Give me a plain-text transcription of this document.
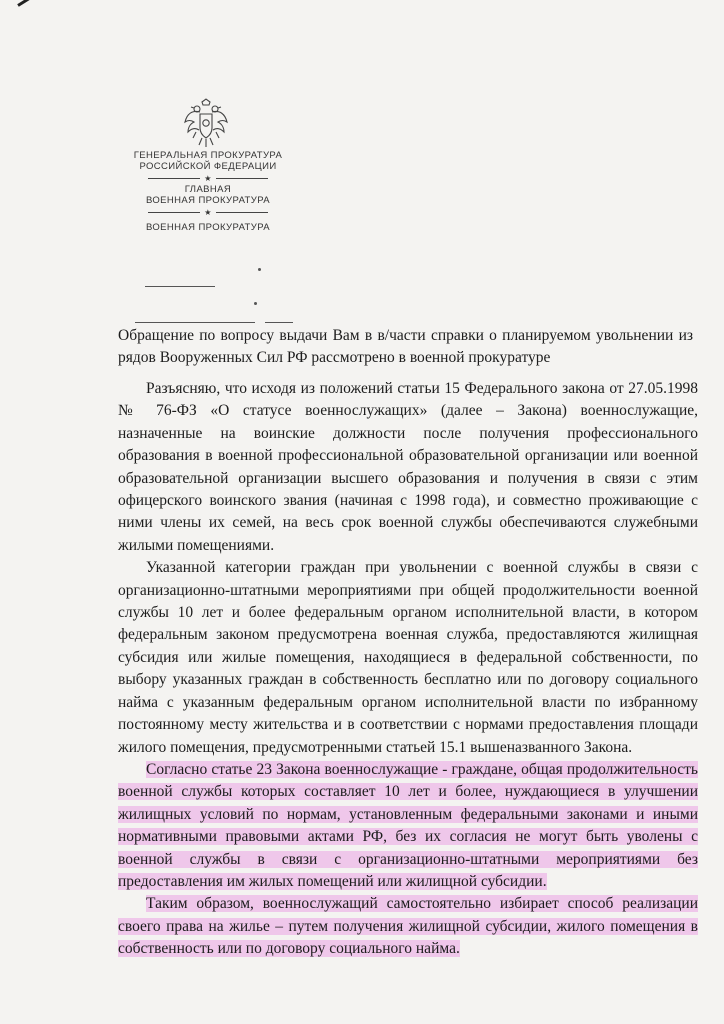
ГЕНЕРАЛЬНАЯ ПРОКУРАТУРА
РОССИЙСКОЙ ФЕДЕРАЦИИ
★
ГЛАВНАЯ
ВОЕННАЯ ПРОКУРАТУРА
★
ВОЕННАЯ ПРОКУРАТУРА
Обращение по вопросу выдачи Вам в в/части справки о планируемом увольнении из рядов Вооруженных Сил РФ рассмотрено в военной прокуратуре

Разъясняю, что исходя из положений статьи 15 Федерального закона от 27.05.1998 № 76-ФЗ «О статусе военнослужащих» (далее – Закона) военнослужащие, назначенные на воинские должности после получения профессионального образования в военной профессиональной образовательной организации или военной образовательной организации высшего образования и получения в связи с этим офицерского воинского звания (начиная с 1998 года), и совместно проживающие с ними члены их семей, на весь срок военной службы обеспечиваются служебными жилыми помещениями.

Указанной категории граждан при увольнении с военной службы в связи с организационно-штатными мероприятиями при общей продолжительности военной службы 10 лет и более федеральным органом исполнительной власти, в котором федеральным законом предусмотрена военная служба, предоставляются жилищная субсидия или жилые помещения, находящиеся в федеральной собственности, по выбору указанных граждан в собственность бесплатно или по договору социального найма с указанным федеральным органом исполнительной власти по избранному постоянному месту жительства и в соответствии с нормами предоставления площади жилого помещения, предусмотренными статьей 15.1 вышеназванного Закона.

Согласно статье 23 Закона военнослужащие - граждане, общая продолжительность военной службы которых составляет 10 лет и более, нуждающиеся в улучшении жилищных условий по нормам, установленным федеральными законами и иными нормативными правовыми актами РФ, без их согласия не могут быть уволены с военной службы в связи с организационно-штатными мероприятиями без предоставления им жилых помещений или жилищной субсидии.

Таким образом, военнослужащий самостоятельно избирает способ реализации своего права на жилье – путем получения жилищной субсидии, жилого помещения в собственность или по договору социального найма.
